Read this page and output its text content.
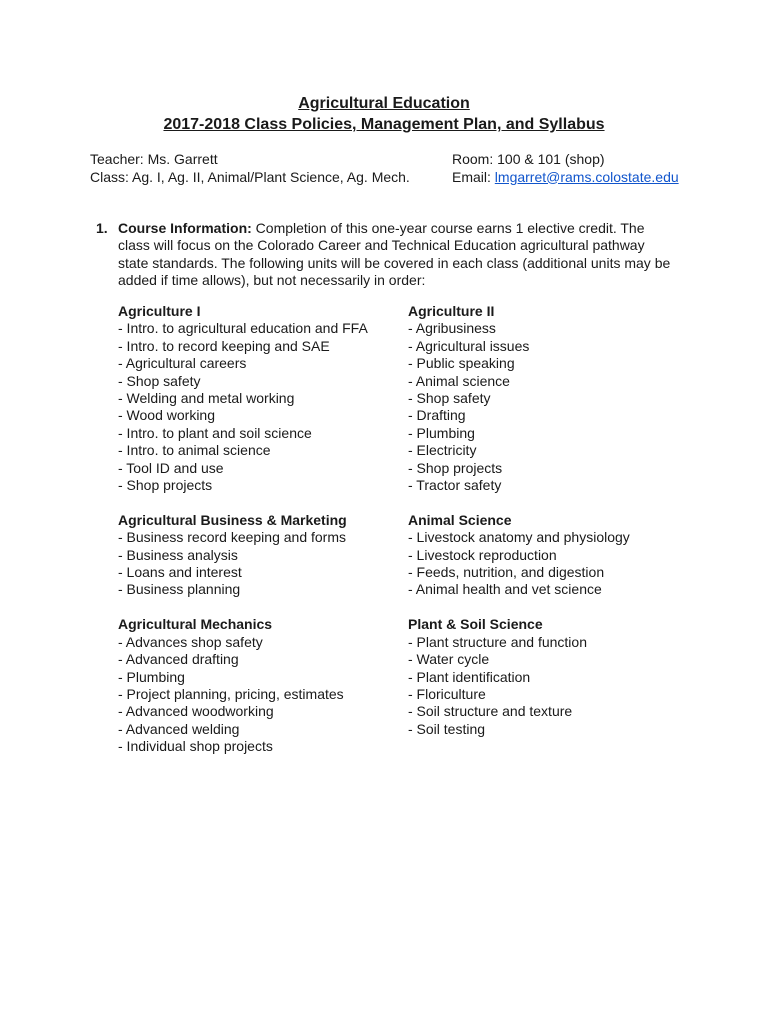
Agricultural Education
2017-2018 Class Policies, Management Plan, and Syllabus
Teacher: Ms. Garrett	Room: 100 & 101 (shop)
Class: Ag. I, Ag. II, Animal/Plant Science, Ag. Mech.	Email: lmgarret@rams.colostate.edu
1. Course Information: Completion of this one-year course earns 1 elective credit. The class will focus on the Colorado Career and Technical Education agricultural pathway state standards. The following units will be covered in each class (additional units may be added if time allows), but not necessarily in order:
Agriculture I
- Intro. to agricultural education and FFA
- Intro. to record keeping and SAE
- Agricultural careers
- Shop safety
- Welding and metal working
- Wood working
- Intro. to plant and soil science
- Intro. to animal science
- Tool ID and use
- Shop projects
Agriculture II
- Agribusiness
- Agricultural issues
- Public speaking
- Animal science
- Shop safety
- Drafting
- Plumbing
- Electricity
- Shop projects
- Tractor safety
Agricultural Business & Marketing
- Business record keeping and forms
- Business analysis
- Loans and interest
- Business planning
Animal Science
- Livestock anatomy and physiology
- Livestock reproduction
- Feeds, nutrition, and digestion
- Animal health and vet science
Agricultural Mechanics
- Advances shop safety
- Advanced drafting
- Plumbing
- Project planning, pricing, estimates
- Advanced woodworking
- Advanced welding
- Individual shop projects
Plant & Soil Science
- Plant structure and function
- Water cycle
- Plant identification
- Floriculture
- Soil structure and texture
- Soil testing
